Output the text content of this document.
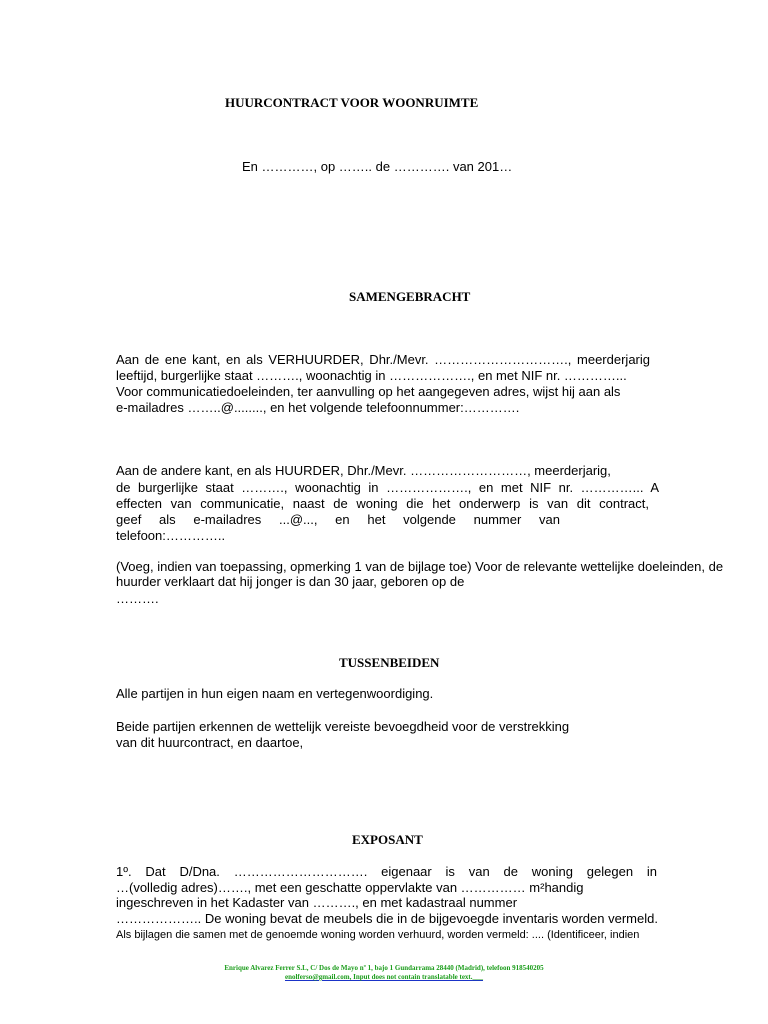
HUURCONTRACT VOOR WOONRUIMTE
En …………, op …….. de …………. van 201…
SAMENGEBRACHT
Aan de ene kant, en als VERHUURDER, Dhr./Mevr. …………………………., meerderjarig
leeftijd, burgerlijke staat ………., woonachtig in ………………., en met NIF nr. …………...
Voor communicatiedoeleinden, ter aanvulling op het aangegeven adres, wijst hij aan als
e-mailadres ……..@........, en het volgende telefoonnummer:………….
Aan de andere kant, en als HUURDER, Dhr./Mevr. ………………………, meerderjarig,
de burgerlijke staat ………., woonachtig in ………………., en met NIF nr. …………... A
effecten van communicatie, naast de woning die het onderwerp is van dit contract,
geef als e-mailadres ...@..., en het volgende nummer van
telefoon:…………..
(Voeg, indien van toepassing, opmerking 1 van de bijlage toe) Voor de relevante wettelijke doeleinden, de
huurder verklaart dat hij jonger is dan 30 jaar, geboren op de
……….
TUSSENBEIDEN
Alle partijen in hun eigen naam en vertegenwoordiging.
Beide partijen erkennen de wettelijk vereiste bevoegdheid voor de verstrekking
van dit huurcontract, en daartoe,
EXPOSANT
1º. Dat D/Dna. …………………………. eigenaar is van de woning gelegen in
…(volledig adres)……., met een geschatte oppervlakte van …………… m²handig
ingeschreven in het Kadaster van ………., en met kadastraal nummer
……………….. De woning bevat de meubels die in de bijgevoegde inventaris worden vermeld.
Als bijlagen die samen met de genoemde woning worden verhuurd, worden vermeld: .... (Identificeer, indien
Enrique Alvarez Ferrer S.L, C/ Dos de Mayo nº 1, bajo 1 Gundarrama 28440 (Madrid), telefoon 918540205
enolferso@gmail.com, Input does not contain translatable text.___
